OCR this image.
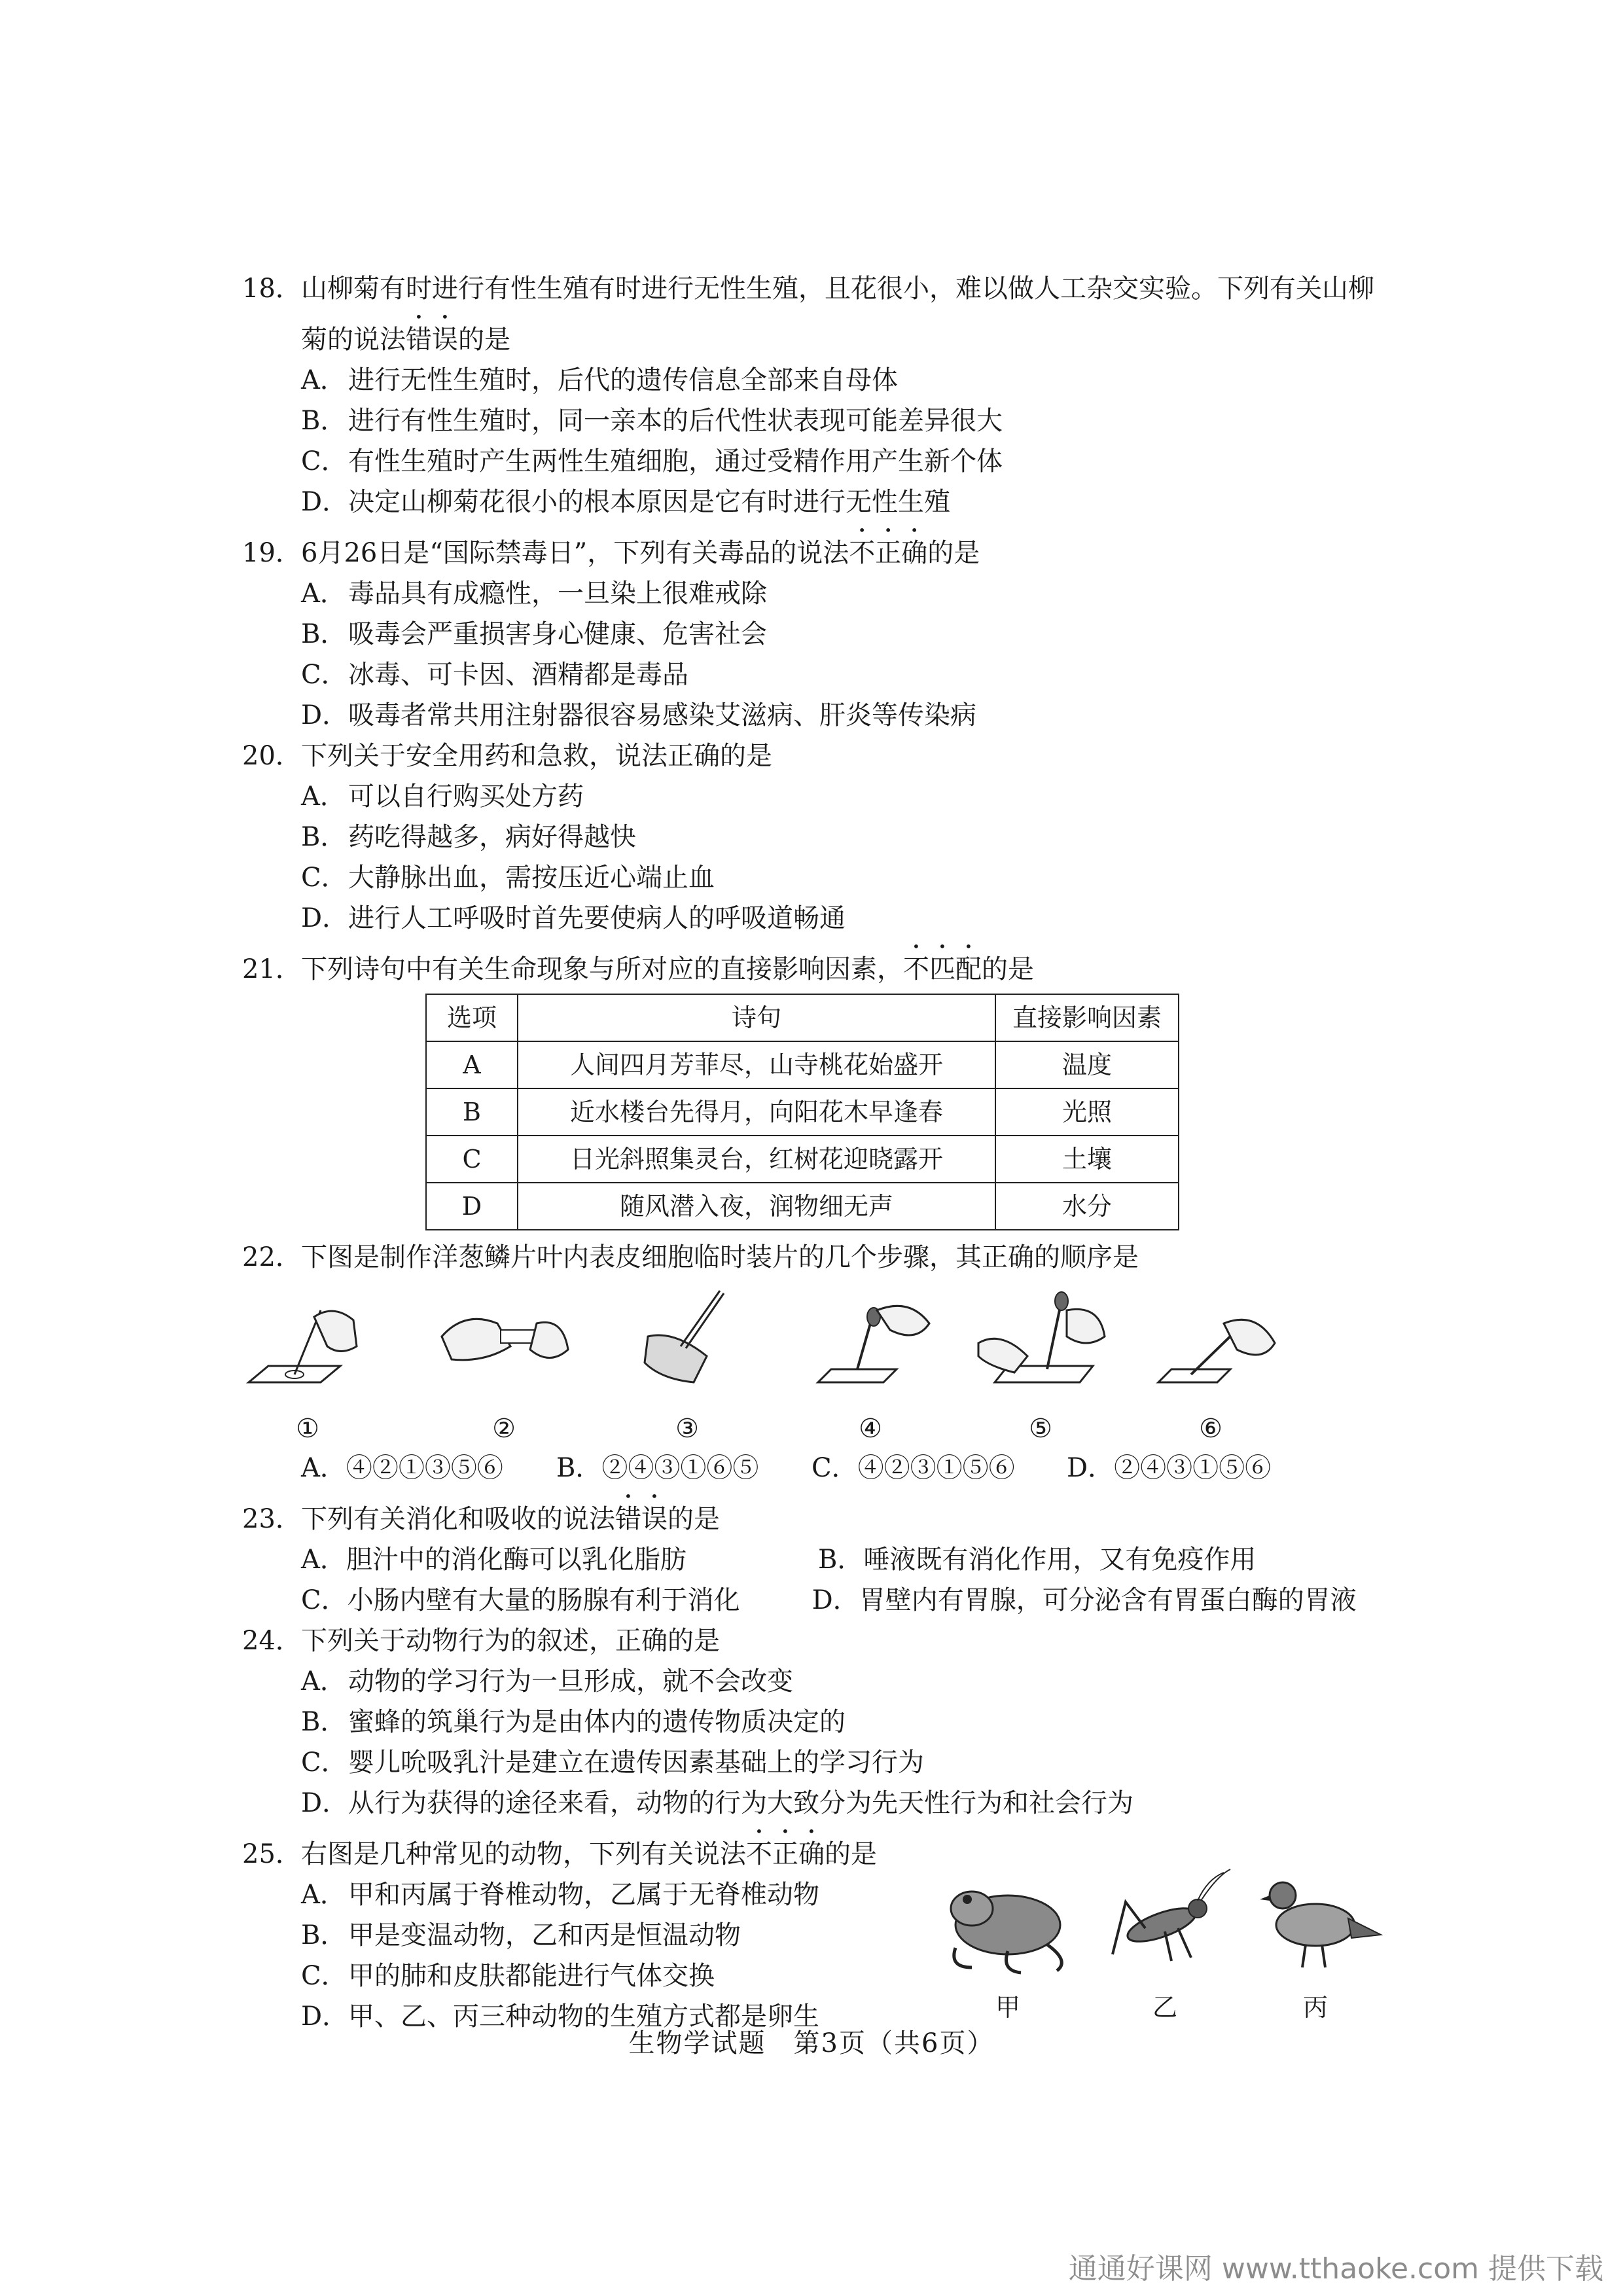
18．山柳菊有时进行有性生殖有时进行无性生殖，且花很小，难以做人工杂交实验。下列有关山柳菊的说法错误的是
A．进行无性生殖时，后代的遗传信息全部来自母体
B．进行有性生殖时，同一亲本的后代性状表现可能差异很大
C．有性生殖时产生两性生殖细胞，通过受精作用产生新个体
D．决定山柳菊花很小的根本原因是它有时进行无性生殖
19．6月26日是“国际禁毒日”，下列有关毒品的说法不正确的是
A．毒品具有成瘾性，一旦染上很难戒除
B．吸毒会严重损害身心健康、危害社会
C．冰毒、可卡因、酒精都是毒品
D．吸毒者常共用注射器很容易感染艾滋病、肝炎等传染病
20．下列关于安全用药和急救，说法正确的是
A．可以自行购买处方药
B．药吃得越多，病好得越快
C．大静脉出血，需按压近心端止血
D．进行人工呼吸时首先要使病人的呼吸道畅通
21．下列诗句中有关生命现象与所对应的直接影响因素，不匹配的是
选项	诗句	直接影响因素
A	人间四月芳菲尽，山寺桃花始盛开	温度
B	近水楼台先得月，向阳花木早逢春	光照
C	日光斜照集灵台，红树花迎晓露开	土壤
D	随风潜入夜，润物细无声	水分
22．下图是制作洋葱鳞片叶内表皮细胞临时装片的几个步骤，其正确的顺序是
①	②	③	④	⑤	⑥
A．④②①③⑤⑥	B．②④③①⑥⑤	C．④②③①⑤⑥	D．②④③①⑤⑥
23．下列有关消化和吸收的说法错误的是
A．胆汁中的消化酶可以乳化脂肪	B．唾液既有消化作用，又有免疫作用
C．小肠内壁有大量的肠腺有利于消化	D．胃壁内有胃腺，可分泌含有胃蛋白酶的胃液
24．下列关于动物行为的叙述，正确的是
A．动物的学习行为一旦形成，就不会改变
B．蜜蜂的筑巢行为是由体内的遗传物质决定的
C．婴儿吮吸乳汁是建立在遗传因素基础上的学习行为
D．从行为获得的途径来看，动物的行为大致分为先天性行为和社会行为
25．右图是几种常见的动物，下列有关说法不正确的是
A．甲和丙属于脊椎动物，乙属于无脊椎动物
B．甲是变温动物，乙和丙是恒温动物
C．甲的肺和皮肤都能进行气体交换
D．甲、乙、丙三种动物的生殖方式都是卵生	甲	乙	丙
生物学试题　第3页（共6页）
通通好课网 www.tthaoke.com 提供下载
